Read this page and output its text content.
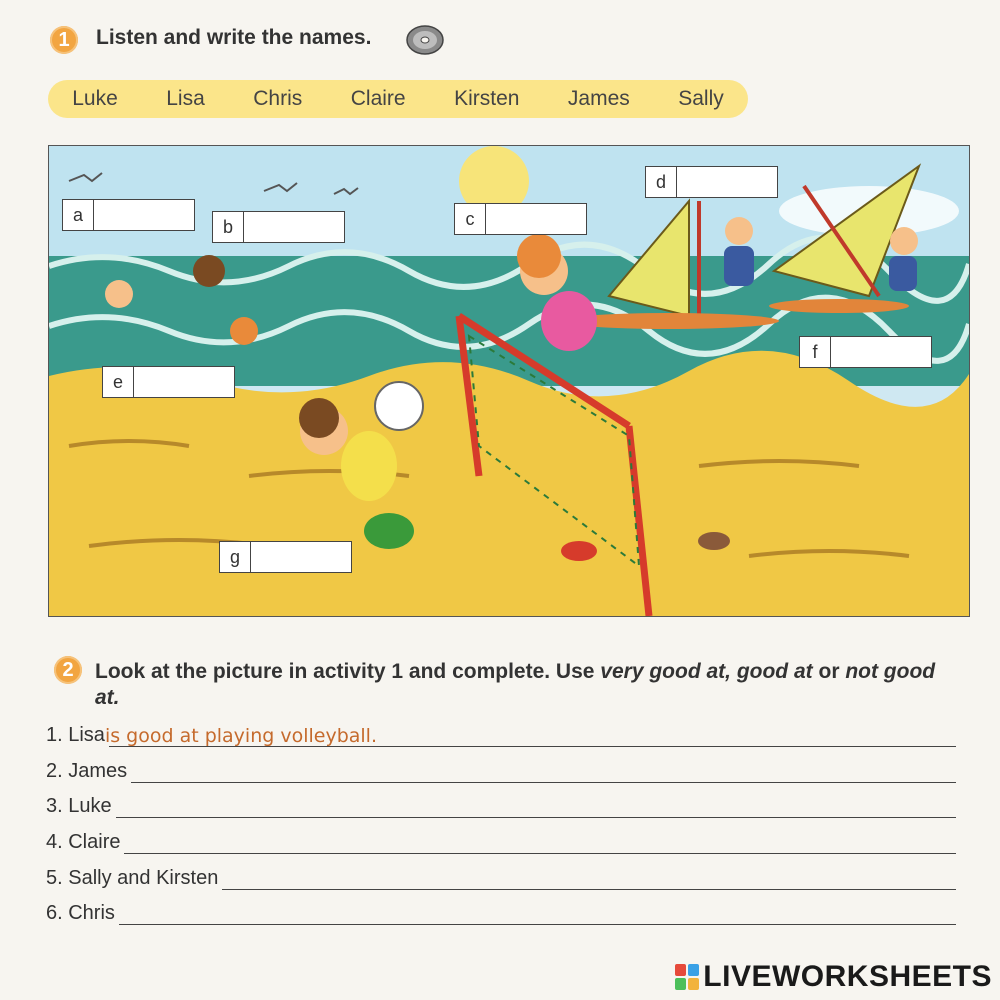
1	Listen and write the names.
Luke Lisa Chris Claire Kirsten James Sally
a
b	c
d
e
f
g
2	Look at the picture in activity 1 and complete. Use very good at, good at or not good at.
1. Lisa is good at playing volleyball.
2. James
3. Luke
4. Claire
5. Sally and Kirsten
6. Chris
LIVEWORKSHEETS
